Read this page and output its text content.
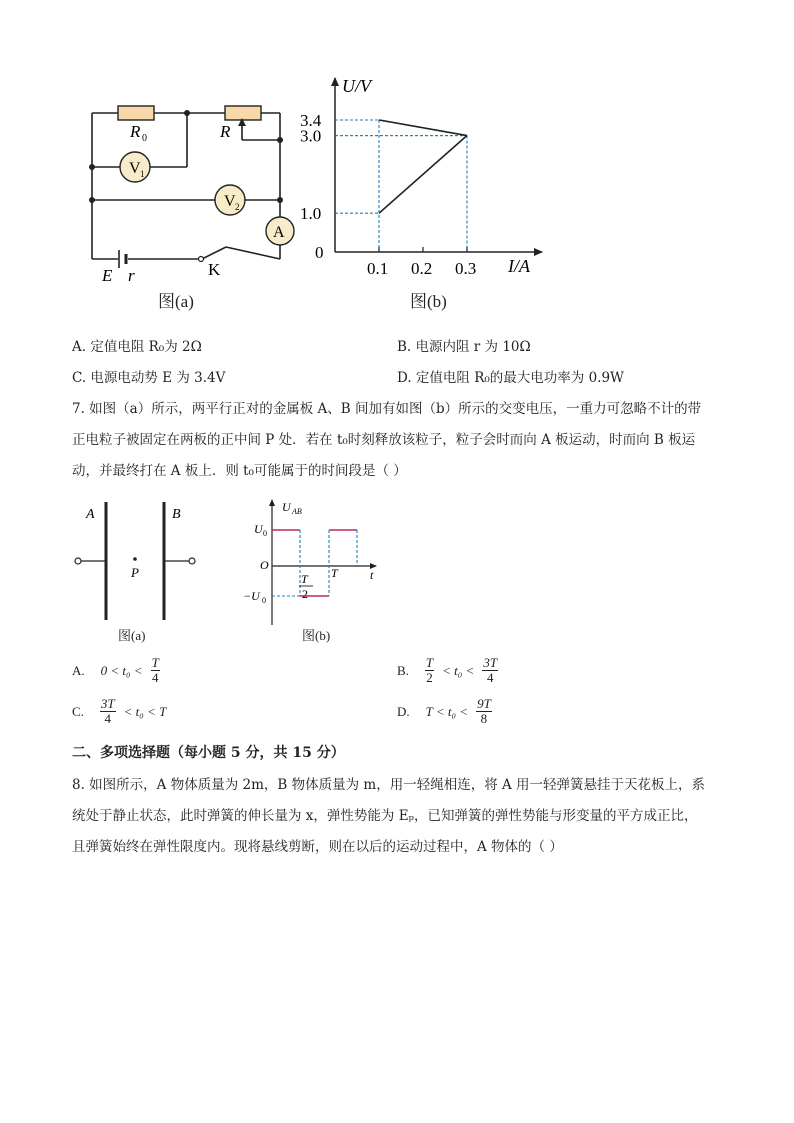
V 1
V 2
A
R 0	R
E r	K
图(a)
0.1 0.2 0.3
3.4
3.0
1.0
0
U/V
I/A
图(b)
A. 定值电阻 R₀为 2Ω	B. 电源内阻 r 为 10Ω
C. 电源电动势 E 为 3.4V	D. 定值电阻 R₀的最大电功率为 0.9W
7. 如图（a）所示，两平行正对的金属板 A、B 间加有如图（b）所示的交变电压，一重力可忽略不计的带
正电粒子被固定在两板的正中间 P 处．若在 t₀时刻释放该粒子，粒子会时而向 A 板运动，时而向 B 板运
动，并最终打在 A 板上．则 t₀可能属于的时间段是（ ）
A	B
P
图(a)
U AB
U 0
O
−U 0
T
2
T	t
图(b)
A. $0 < t_0 < \frac{T}{4}$	B. $\frac{T}{2} < t_0 < \frac{3T}{4}$
C. $\frac{3T}{4} < t_0 < T$	D. $T < t_0 < \frac{9T}{8}$
二、多项选择题（每小题 5 分，共 15 分）
8. 如图所示，A 物体质量为 2m，B 物体质量为 m，用一轻绳相连，将 A 用一轻弹簧悬挂于天花板上，系
统处于静止状态，此时弹簧的伸长量为 x，弹性势能为 Eₚ，已知弹簧的弹性势能与形变量的平方成正比，
且弹簧始终在弹性限度内。现将悬线剪断，则在以后的运动过程中，A 物体的（ ）
